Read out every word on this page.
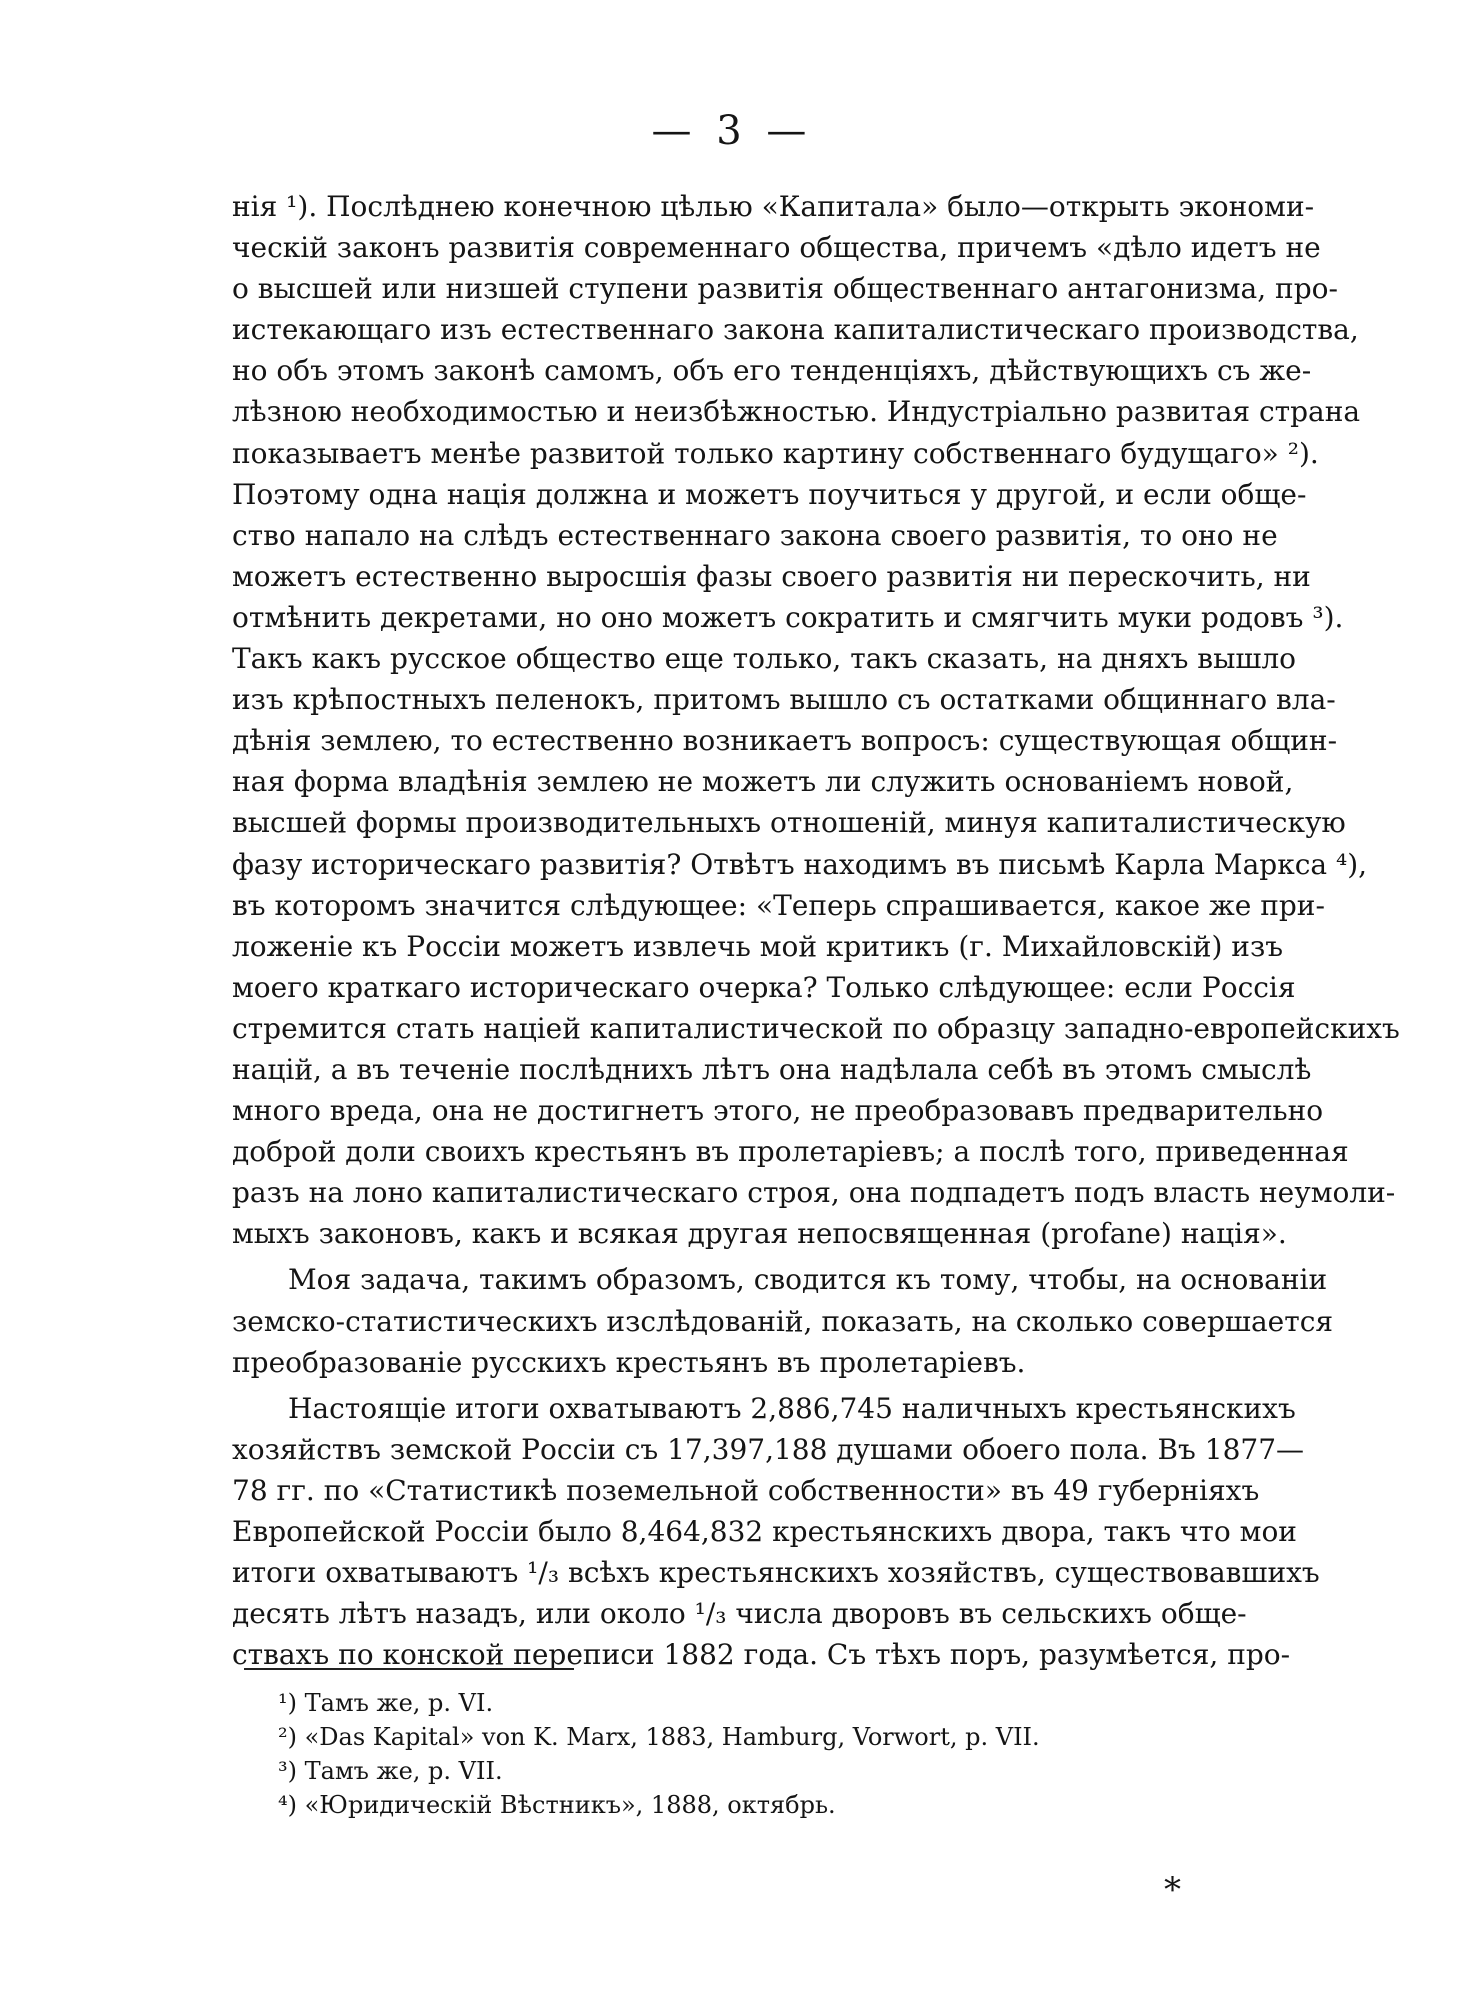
— 3 —
нія ¹). Послѣднею конечною цѣлью «Капитала» было—открыть экономи-
ческій законъ развитія современнаго общества, причемъ «дѣло идетъ не
о высшей или низшей ступени развитія общественнаго антагонизма, про-
истекающаго изъ естественнаго закона капиталистическаго производства,
но объ этомъ законѣ самомъ, объ его тенденціяхъ, дѣйствующихъ съ же-
лѣзною необходимостью и неизбѣжностью. Индустріально развитая страна
показываетъ менѣе развитой только картину собственнаго будущаго» ²).
Поэтому одна нація должна и можетъ поучиться у другой, и если обще-
ство напало на слѣдъ естественнаго закона своего развитія, то оно не
можетъ естественно выросшія фазы своего развитія ни перескочить, ни
отмѣнить декретами, но оно можетъ сократить и смягчить муки родовъ ³).
Такъ какъ русское общество еще только, такъ сказать, на дняхъ вышло
изъ крѣпостныхъ пеленокъ, притомъ вышло съ остатками общиннаго вла-
дѣнія землею, то естественно возникаетъ вопросъ: существующая общин-
ная форма владѣнія землею не можетъ ли служить основаніемъ новой,
высшей формы производительныхъ отношеній, минуя капиталистическую
фазу историческаго развитія? Отвѣтъ находимъ въ письмѣ Карла Маркса ⁴),
въ которомъ значится слѣдующее: «Теперь спрашивается, какое же при-
ложеніе къ Россіи можетъ извлечь мой критикъ (г. Михайловскій) изъ
моего краткаго историческаго очерка? Только слѣдующее: если Россія
стремится стать націей капиталистической по образцу западно-европейскихъ
націй, а въ теченіе послѣднихъ лѣтъ она надѣлала себѣ въ этомъ смыслѣ
много вреда, она не достигнетъ этого, не преобразовавъ предварительно
доброй доли своихъ крестьянъ въ пролетаріевъ; а послѣ того, приведенная
разъ на лоно капиталистическаго строя, она подпадетъ подъ власть неумоли-
мыхъ законовъ, какъ и всякая другая непосвященная (profane) нація».
Моя задача, такимъ образомъ, сводится къ тому, чтобы, на основаніи
земско-статистическихъ изслѣдованій, показать, на сколько совершается
преобразованіе русскихъ крестьянъ въ пролетаріевъ.
Настоящіе итоги охватываютъ 2,886,745 наличныхъ крестьянскихъ
хозяйствъ земской Россіи съ 17,397,188 душами обоего пола. Въ 1877—
78 гг. по «Статистикѣ поземельной собственности» въ 49 губерніяхъ
Европейской Россіи было 8,464,832 крестьянскихъ двора, такъ что мои
итоги охватываютъ ¹/₃ всѣхъ крестьянскихъ хозяйствъ, существовавшихъ
десять лѣтъ назадъ, или около ¹/₃ числа дворовъ въ сельскихъ обще-
ствахъ по конской переписи 1882 года. Съ тѣхъ поръ, разумѣется, про-
¹) Тамъ же, p. VI.
²) «Das Kapital» von K. Marx, 1883, Hamburg, Vorwort, p. VII.
³) Тамъ же, p. VII.
⁴) «Юридическій Вѣстникъ», 1888, октябрь.
*
